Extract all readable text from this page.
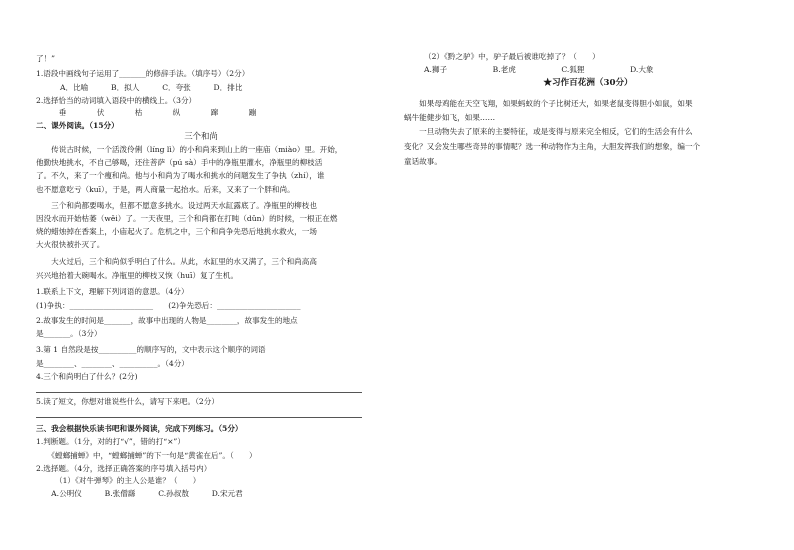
了！”
1.语段中画线句子运用了_______的修辞手法。（填序号）（2分）
A．比喻　　　B．拟人　　　C．夸张　　　D．排比
2.选择恰当的动词填入语段中的横线上。（3分）
　　　垂　　　　伏　　　　枯　　　　纵　　　　蹿　　　　蹦
二、课外阅读。（15分）
三个和尚
　　传说古时候，一个活泼伶俐（líng lì）的小和尚来到山上的一座庙（miào）里。开始，
他勤快地挑水，不自己够喝，还往菩萨（pú sà）手中的净瓶里灌水，净瓶里的柳枝活
了。不久，来了一个瘦和尚。他与小和尚为了喝水和挑水的问题发生了争执（zhí），谁
也不愿意吃亏（kuī），于是，两人商量一起抬水。后来，又来了一个胖和尚。
　　三个和尚都要喝水，但都不愿意多挑水。设过两天水缸露底了。净瓶里的柳枝也
因没水而开始枯萎（wěi）了。一天夜里，三个和尚都在打盹（dǔn）的时候，一根正在燃
烧的蜡烛掉在香案上，小庙起火了。危机之中，三个和尚争先恐后地挑水救火，一场
大火很快被扑灭了。
　　大火过后，三个和尚似乎明白了什么。从此，水缸里的水又满了，三个和尚高高
兴兴地抬着大碗喝水。净瓶里的柳枝又恢（huī）复了生机。
1.联系上下文，理解下列词语的意思。（4分）
(1)争执：______________________　　(2)争先恐后：______________________
2.故事发生的时间是_______，故事中出现的人物是________，故事发生的地点
是_______。（3分）
3.第 1 自然段是按__________的顺序写的，文中表示这个顺序的词语
是________、________、__________。（4分）
4.三个和尚明白了什么？(2分)
5.读了短文，你想对谁说些什么，请写下来吧。（2分）
三、我会根据快乐读书吧和课外阅读，完成下列练习。（5分）
1.判断题。（1分，对的打“√”，错的打“×”）
　　《螳螂捕蝉》中，“螳螂捕蝉”的下一句是“黄雀在后”。（　　）
2.选择题。（4分，选择正确答案的序号填入括号内）
　　　（1）《对牛弹琴》的主人公是谁？（　　）
　　A.公明仪　　　B.张僧繇　　　C.孙叔敖　　　D.宋元君
（2）《黔之驴》中，驴子最后被谁吃掉了？（　　）
A.狮子　　　　　　B.老虎　　　　　　C.狐狸　　　　　　D.大象
★习作百花洲（30分）
　　如果母鸡能在天空飞翔，如果蚂蚁的个子比树还大，如果老鼠变得胆小如鼠，如果
蜗牛能健步如飞，如果……
　　一旦动物失去了原来的主要特征，或是变得与原来完全相反，它们的生活会有什么
变化？又会发生哪些奇异的事情呢？选一种动物作为主角，大胆发挥我们的想象，编一个
童话故事。
